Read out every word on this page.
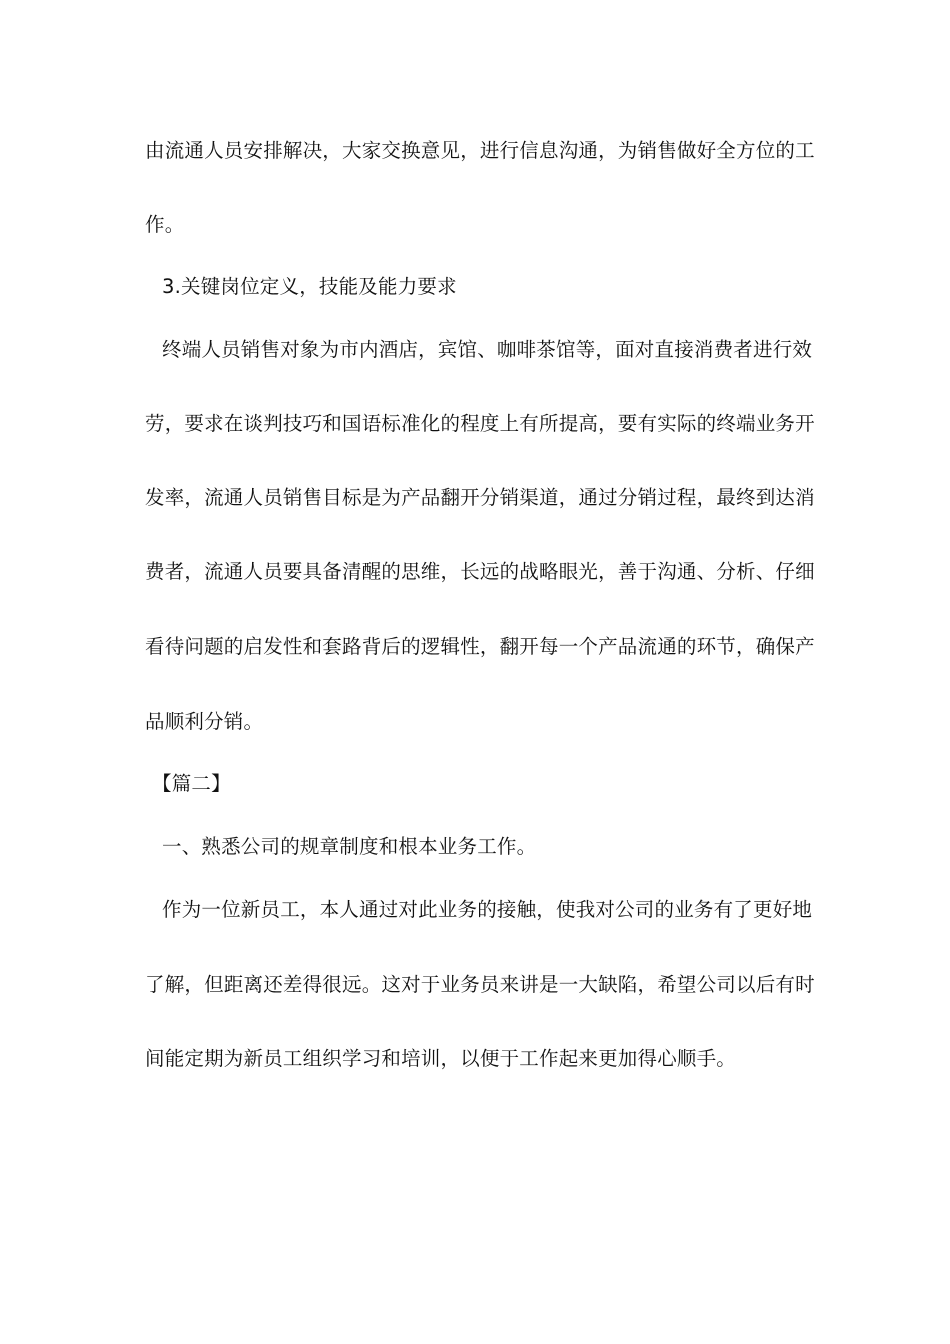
由流通人员安排解决，大家交换意见，进行信息沟通，为销售做好全方位的工
作。
3.关键岗位定义，技能及能力要求
终端人员销售对象为市内酒店，宾馆、咖啡茶馆等，面对直接消费者进行效
劳，要求在谈判技巧和国语标准化的程度上有所提高，要有实际的终端业务开
发率，流通人员销售目标是为产品翻开分销渠道，通过分销过程，最终到达消
费者，流通人员要具备清醒的思维，长远的战略眼光，善于沟通、分析、仔细
看待问题的启发性和套路背后的逻辑性，翻开每一个产品流通的环节，确保产
品顺利分销。
【篇二】
一、熟悉公司的规章制度和根本业务工作。
作为一位新员工，本人通过对此业务的接触，使我对公司的业务有了更好地
了解，但距离还差得很远。这对于业务员来讲是一大缺陷，希望公司以后有时
间能定期为新员工组织学习和培训，以便于工作起来更加得心顺手。
